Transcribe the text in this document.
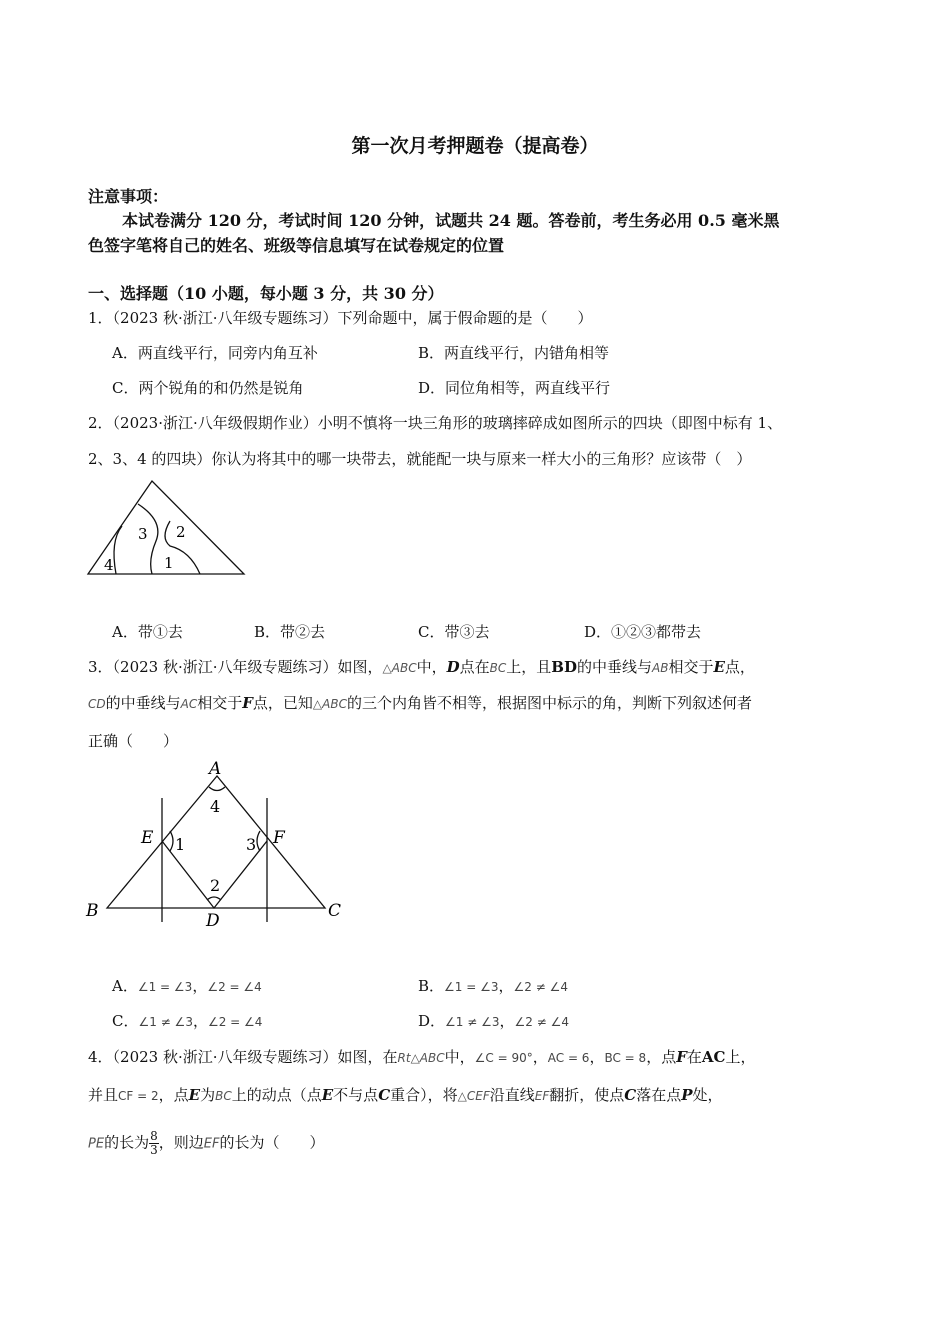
第一次月考押题卷（提高卷）
注意事项：
本试卷满分 120 分，考试时间 120 分钟，试题共 24 题。答卷前，考生务必用 0.5 毫米黑
色签字笔将自己的姓名、班级等信息填写在试卷规定的位置
一、选择题（10 小题，每小题 3 分，共 30 分）
1．（2023 秋·浙江·八年级专题练习）下列命题中，属于假命题的是（　　）
A．两直线平行，同旁内角互补	B．两直线平行，内错角相等
C．两个锐角的和仍然是锐角	D．同位角相等，两直线平行
2．（2023·浙江·八年级假期作业）小明不慎将一块三角形的玻璃摔碎成如图所示的四块（即图中标有 1、
2、3、4 的四块）你认为将其中的哪一块带去，就能配一块与原来一样大小的三角形？应该带（　）
4
3 2
1
A．带①去	B．带②去	C．带③去	D．①②③都带去
3．（2023 秋·浙江·八年级专题练习）如图，△ABC中，D点在BC上，且BD的中垂线与AB相交于E点，
CD的中垂线与AC相交于F点，已知△ABC的三个内角皆不相等，根据图中标示的角，判断下列叙述何者
正确（　　）
A
4
E 1	3 F
2
B	D	C
A．∠1 = ∠3，∠2 = ∠4	B．∠1 = ∠3，∠2 ≠ ∠4
C．∠1 ≠ ∠3，∠2 = ∠4	D．∠1 ≠ ∠3，∠2 ≠ ∠4
4．（2023 秋·浙江·八年级专题练习）如图，在Rt△ABC中，∠C = 90°，AC = 6，BC = 8，点F在AC上，
并且CF = 2，点E为BC上的动点（点E不与点C重合），将△CEF沿直线EF翻折，使点C落在点P处，
PE的长为 $\frac{8}{3}$ ，则边EF的长为（　　）
